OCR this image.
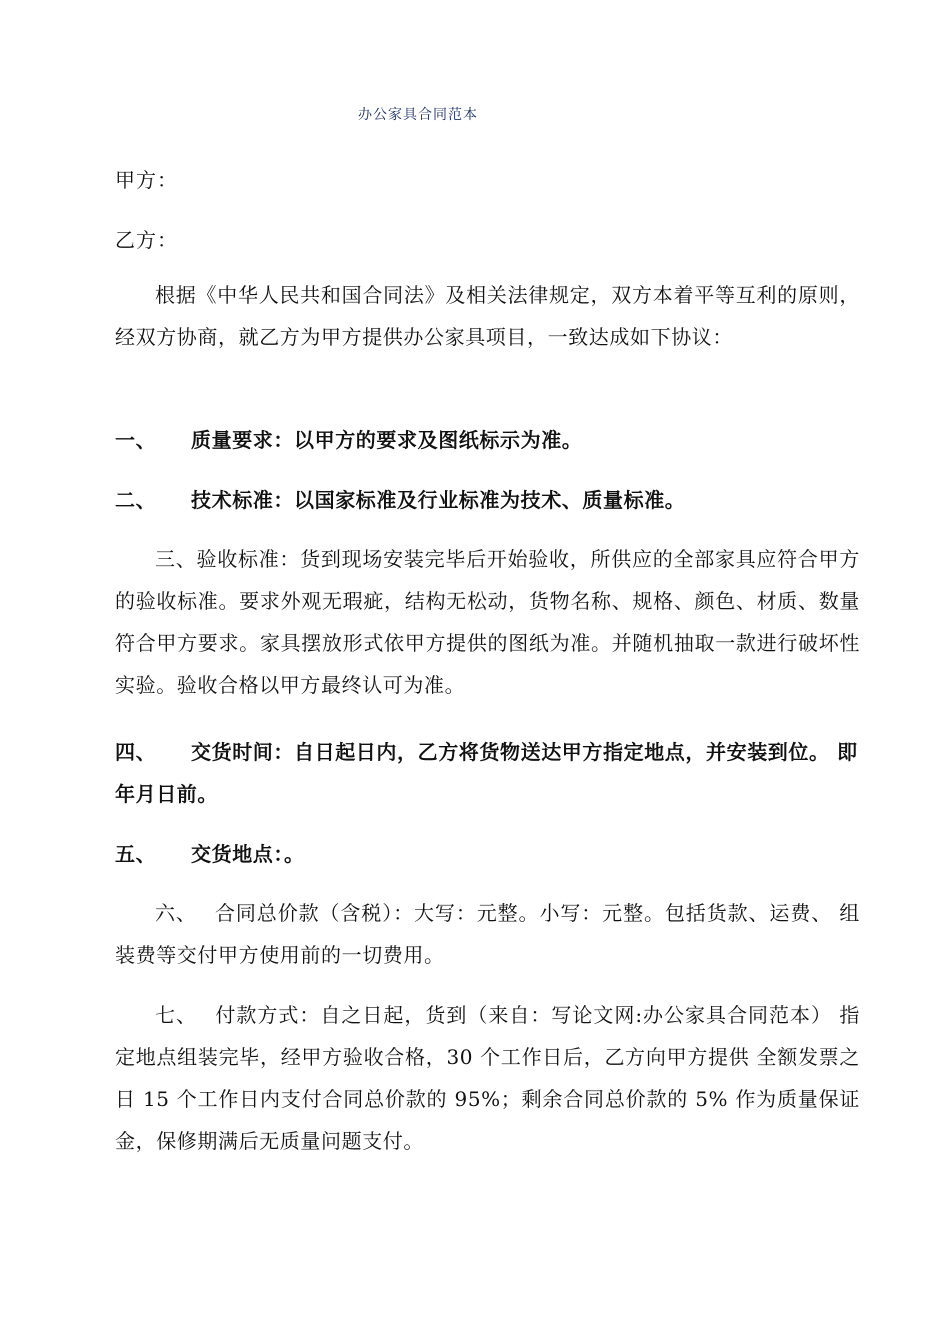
办公家具合同范本
甲方：
乙方：
根据《中华人民共和国合同法》及相关法律规定，双方本着平等互利的原则，经双方协商，就乙方为甲方提供办公家具项目，一致达成如下协议：
一、 质量要求：以甲方的要求及图纸标示为准。
二、 技术标准：以国家标准及行业标准为技术、质量标准。
三、验收标准：货到现场安装完毕后开始验收，所供应的全部家具应符合甲方的验收标准。要求外观无瑕疵，结构无松动，货物名称、规格、颜色、材质、数量符合甲方要求。家具摆放形式依甲方提供的图纸为准。并随机抽取一款进行破坏性实验。验收合格以甲方最终认可为准。
四、 交货时间：自日起日内，乙方将货物送达甲方指定地点，并安装到位。 即年月日前。
五、 交货地点：。
六、　 合同总价款（含税）：大写：元整。小写：元整。包括货款、运费、 组装费等交付甲方使用前的一切费用。
七、　 付款方式：自之日起，货到（来自：写论文网:办公家具合同范本） 指定地点组装完毕，经甲方验收合格，30 个工作日后，乙方向甲方提供 全额发票之日 15 个工作日内支付合同总价款的 95%；剩余合同总价款的 5% 作为质量保证金，保修期满后无质量问题支付。
